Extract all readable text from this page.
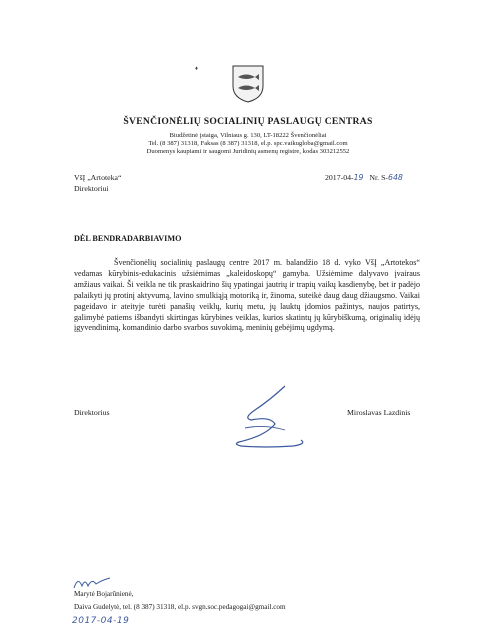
♦
ŠVENČIONĖLIŲ SOCIALINIŲ PASLAUGŲ CENTRAS
Biudžetinė įstaiga, Vilniaus g. 130, LT-18222 Švenčionėliai
Tel. (8 387) 31318, Faksas (8 387) 31318, el.p. spc.vaikugloba@gmail.com
Duomenys kaupiami ir saugomi Juridinių asmenų registre, kodas 303212552
VšĮ „Artoteka“
Direktoriui
2017-04-19 Nr. S-648
DĖL BENDRADARBIAVIMO
Švenčionėlių socialinių paslaugų centre 2017 m. balandžio 18 d. vyko VšĮ „Artotekos“ vedamas kūrybinis-edukacinis užsiėmimas „kaleidoskopų“ gamyba. Užsiėmime dalyvavo įvairaus amžiaus vaikai. Ši veikla ne tik praskaidrino šių ypatingai jautrių ir trapių vaikų kasdienybę, bet ir padėjo palaikyti jų protinį aktyvumą, lavino smulkiąją motoriką ir, žinoma, suteikė daug daug džiaugsmo. Vaikai pageidavo ir ateityje turėti panašių veiklų, kurių metu, jų lauktų įdomios pažintys, naujos patirtys, galimybė patiems išbandyti skirtingas kūrybines veiklas, kurios skatintų jų kūrybiškumą, originalių idėjų įgyvendinimą, komandinio darbo svarbos suvokimą, meninių gebėjimų ugdymą.
Direktorius	Miroslavas Lazdinis
Marytė Bojarūnienė,
Daiva Gudelytė, tel. (8 387) 31318, el.p. svgn.soc.pedagogai@gmail.com
2017-04-19
